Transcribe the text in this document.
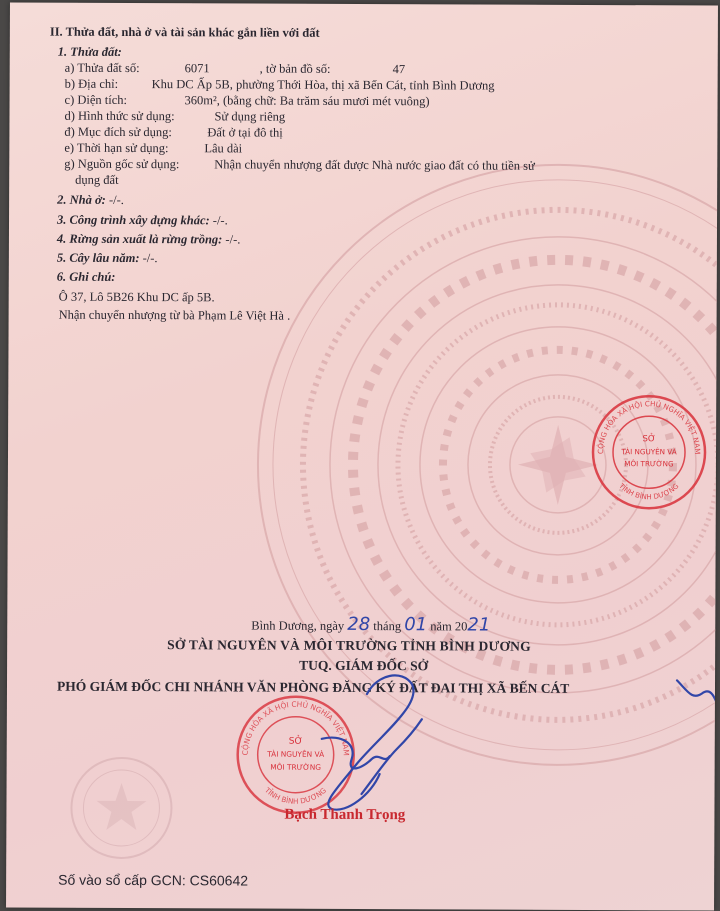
II. Thửa đất, nhà ở và tài sản khác gắn liền với đất
1. Thửa đất:
a) Thửa đất số:	6071	, tờ bản đồ số:	47
b) Địa chỉ:	Khu DC Ấp 5B, phường Thới Hòa, thị xã Bến Cát, tỉnh Bình Dương
c) Diện tích:	360m², (bằng chữ: Ba trăm sáu mươi mét vuông)
d) Hình thức sử dụng:	Sử dụng riêng
đ) Mục đích sử dụng:	Đất ở tại đô thị
e) Thời hạn sử dụng:	Lâu dài
g) Nguồn gốc sử dụng:	Nhận chuyển nhượng đất được Nhà nước giao đất có thu tiền sử
dụng đất
2. Nhà ở: -/-.
3. Công trình xây dựng khác: -/-.
4. Rừng sản xuất là rừng trồng: -/-.
5. Cây lâu năm: -/-.
6. Ghi chú:
Ô 37, Lô 5B26 Khu DC ấp 5B.
Nhận chuyển nhượng từ bà Phạm Lê Việt Hà .
CỘNG HÒA XÃ HỘI CHỦ NGHĨA VIỆT NAM
TỈNH BÌNH DƯƠNG
SỞ
TÀI NGUYÊN VÀ
MÔI TRƯỜNG
Bình Dương, ngày 28 tháng 01 năm 2021
SỞ TÀI NGUYÊN VÀ MÔI TRƯỜNG TỈNH BÌNH DƯƠNG
TUQ. GIÁM ĐỐC SỞ
PHÓ GIÁM ĐỐC CHI NHÁNH VĂN PHÒNG ĐĂNG KÝ ĐẤT ĐAI THỊ XÃ BẾN CÁT
CỘNG HÒA XÃ HỘI CHỦ NGHĨA VIỆT NAM
TỈNH BÌNH DƯƠNG
SỞ
TÀI NGUYÊN VÀ
MÔI TRƯỜNG
Bạch Thanh Trọng
Số vào sổ cấp GCN: CS60642
